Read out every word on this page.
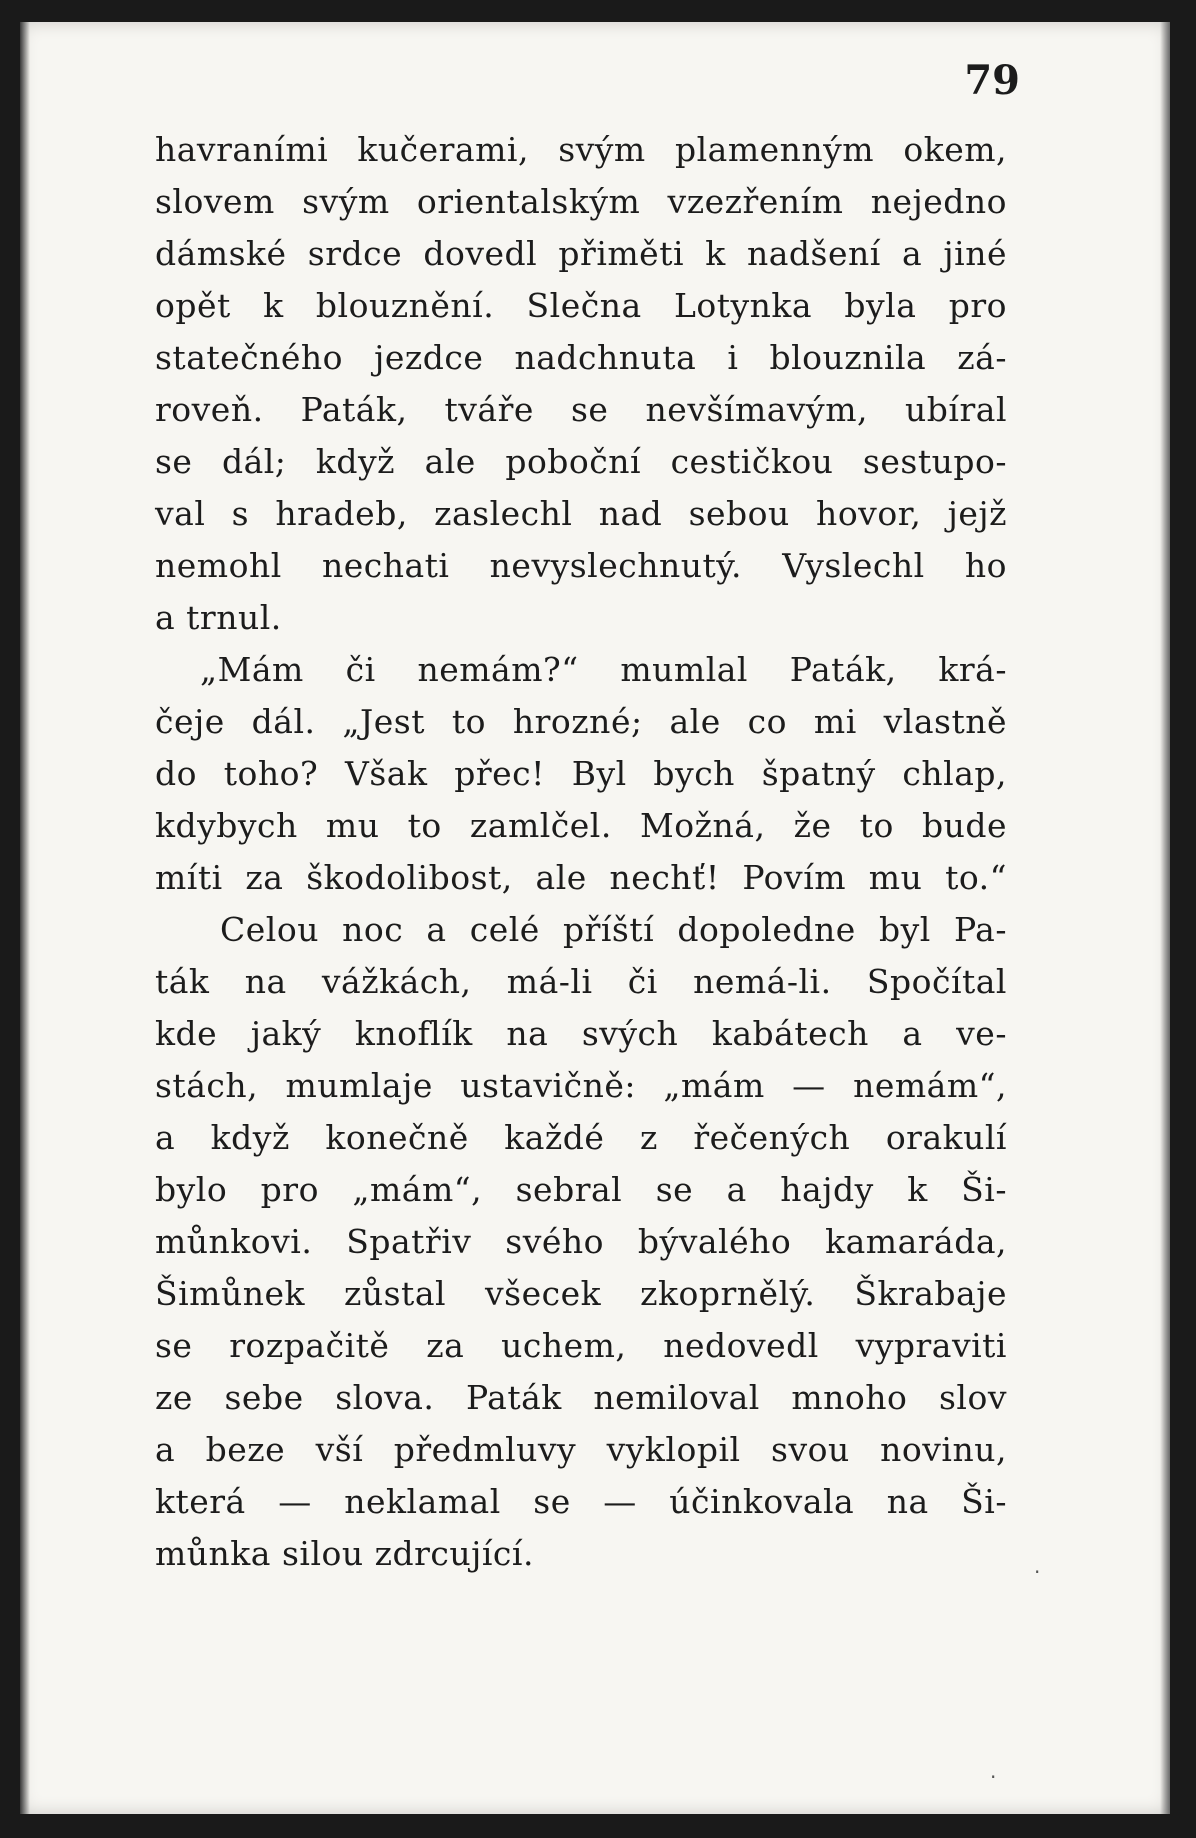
79
havraními kučerami, svým plamenným okem,
slovem svým orientalským vzezřením nejedno
dámské srdce dovedl přiměti k nadšení a jiné
opět k blouznění. Slečna Lotynka byla pro
statečného jezdce nadchnuta i blouznila zá-
roveň. Paták, tváře se nevšímavým, ubíral
se dál; když ale poboční cestičkou sestupo-
val s hradeb, zaslechl nad sebou hovor, jejž
nemohl nechati nevyslechnutý. Vyslechl ho
a trnul.
„Mám či nemám?“ mumlal Paták, krá-
čeje dál. „Jest to hrozné; ale co mi vlastně
do toho? Však přec! Byl bych špatný chlap,
kdybych mu to zamlčel. Možná, že to bude
míti za škodolibost, ale nechť! Povím mu to.“
Celou noc a celé příští dopoledne byl Pa-
ták na vážkách, má-li či nemá-li. Spočítal
kde jaký knoflík na svých kabátech a ve-
stách, mumlaje ustavičně: „mám — nemám“,
a když konečně každé z řečených orakulí
bylo pro „mám“, sebral se a hajdy k Ši-
můnkovi. Spatřiv svého bývalého kamaráda,
Šimůnek zůstal všecek zkoprnělý. Škrabaje
se rozpačitě za uchem, nedovedl vypraviti
ze sebe slova. Paták nemiloval mnoho slov
a beze vší předmluvy vyklopil svou novinu,
která — neklamal se — účinkovala na Ši-
můnka silou zdrcující.	·
·
